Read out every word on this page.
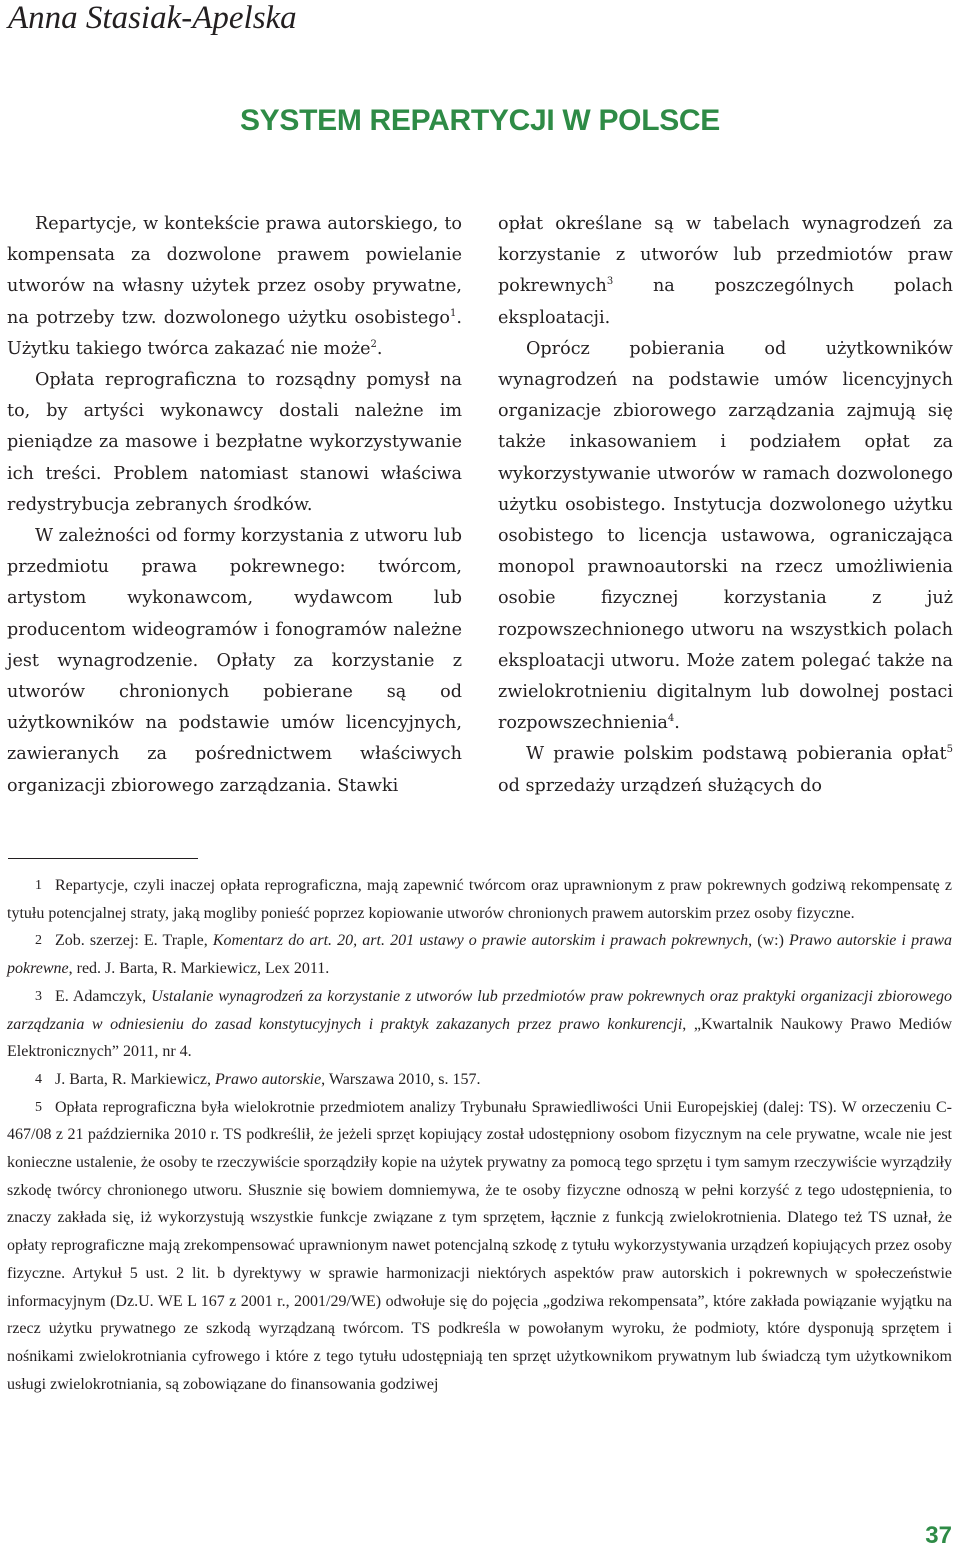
Anna Stasiak-Apelska
SYSTEM REPARTYCJI W POLSCE

Repartycje, w kontekście prawa autorskiego, to kompensata za dozwolone prawem powielanie utworów na własny użytek przez osoby prywatne, na potrzeby tzw. dozwolonego użytku osobistego$^1$. Użytku takiego twórca zakazać nie może$^2$.

Opłata reprograficzna to rozsądny pomysł na to, by artyści wykonawcy dostali należne im pieniądze za masowe i bezpłatne wykorzystywanie ich treści. Problem natomiast stanowi właściwa redystrybucja zebranych środków.

W zależności od formy korzystania z utworu lub przedmiotu prawa pokrewnego: twórcom, artystom wykonawcom, wydawcom lub producentom wideogramów i fonogramów należne jest wynagrodzenie. Opłaty za korzystanie z utworów chronionych pobierane są od użytkowników na podstawie umów licencyjnych, zawieranych za pośrednictwem właściwych organizacji zbiorowego zarządzania. Stawki

opłat określane są w tabelach wynagrodzeń za korzystanie z utworów lub przedmiotów praw pokrewnych$^3$ na poszczególnych polach eksploatacji.

Oprócz pobierania od użytkowników wynagrodzeń na podstawie umów licencyjnych organizacje zbiorowego zarządzania zajmują się także inkasowaniem i podziałem opłat za wykorzystywanie utworów w ramach dozwolonego użytku osobistego. Instytucja dozwolonego użytku osobistego to licencja ustawowa, ograniczająca monopol prawnoautorski na rzecz umożliwienia osobie fizycznej korzystania z już rozpowszechnionego utworu na wszystkich polach eksploatacji utworu. Może zatem polegać także na zwielokrotnieniu digitalnym lub dowolnej postaci rozpowszechnienia$^4$.

W prawie polskim podstawą pobierania opłat$^5$ od sprzedaży urządzeń służących do

1 Repartycje, czyli inaczej opłata reprograficzna, mają zapewnić twórcom oraz uprawnionym z praw pokrewnych godziwą rekompensatę z tytułu potencjalnej straty, jaką mogliby ponieść poprzez kopiowanie utworów chronionych prawem autorskim przez osoby fizyczne.

2 Zob. szerzej: E. Traple, Komentarz do art. 20, art. 201 ustawy o prawie autorskim i prawach pokrewnych, (w:) Prawo autorskie i prawa pokrewne, red. J. Barta, R. Markiewicz, Lex 2011.

3 E. Adamczyk, Ustalanie wynagrodzeń za korzystanie z utworów lub przedmiotów praw pokrewnych oraz praktyki organizacji zbiorowego zarządzania w odniesieniu do zasad konstytucyjnych i praktyk zakazanych przez prawo konkurencji, „Kwartalnik Naukowy Prawo Mediów Elektronicznych” 2011, nr 4.

4 J. Barta, R. Markiewicz, Prawo autorskie, Warszawa 2010, s. 157.

5 Opłata reprograficzna była wielokrotnie przedmiotem analizy Trybunału Sprawiedliwości Unii Europejskiej (dalej: TS). W orzeczeniu C-467/08 z 21 października 2010 r. TS podkreślił, że jeżeli sprzęt kopiujący został udostępniony osobom fizycznym na cele prywatne, wcale nie jest konieczne ustalenie, że osoby te rzeczywiście sporządziły kopie na użytek prywatny za pomocą tego sprzętu i tym samym rzeczywiście wyrządziły szkodę twórcy chronionego utworu. Słusznie się bowiem domniemywa, że te osoby fizyczne odnoszą w pełni korzyść z tego udostępnienia, to znaczy zakłada się, iż wykorzystują wszystkie funkcje związane z tym sprzętem, łącznie z funkcją zwielokrotnienia. Dlatego też TS uznał, że opłaty reprograficzne mają zrekompensować uprawnionym nawet potencjalną szkodę z tytułu wykorzystywania urządzeń kopiujących przez osoby fizyczne. Artykuł 5 ust. 2 lit. b dyrektywy w sprawie harmonizacji niektórych aspektów praw autorskich i pokrewnych w społeczeństwie informacyjnym (Dz.U. WE L 167 z 2001 r., 2001/29/WE) odwołuje się do pojęcia „godziwa rekompensata”, które zakłada powiązanie wyjątku na rzecz użytku prywatnego ze szkodą wyrządzaną twórcom. TS podkreśla w powołanym wyroku, że podmioty, które dysponują sprzętem i nośnikami zwielokrotniania cyfrowego i które z tego tytułu udostępniają ten sprzęt użytkownikom prywatnym lub świadczą tym użytkownikom usługi zwielokrotniania, są zobowiązane do finansowania godziwej

37
